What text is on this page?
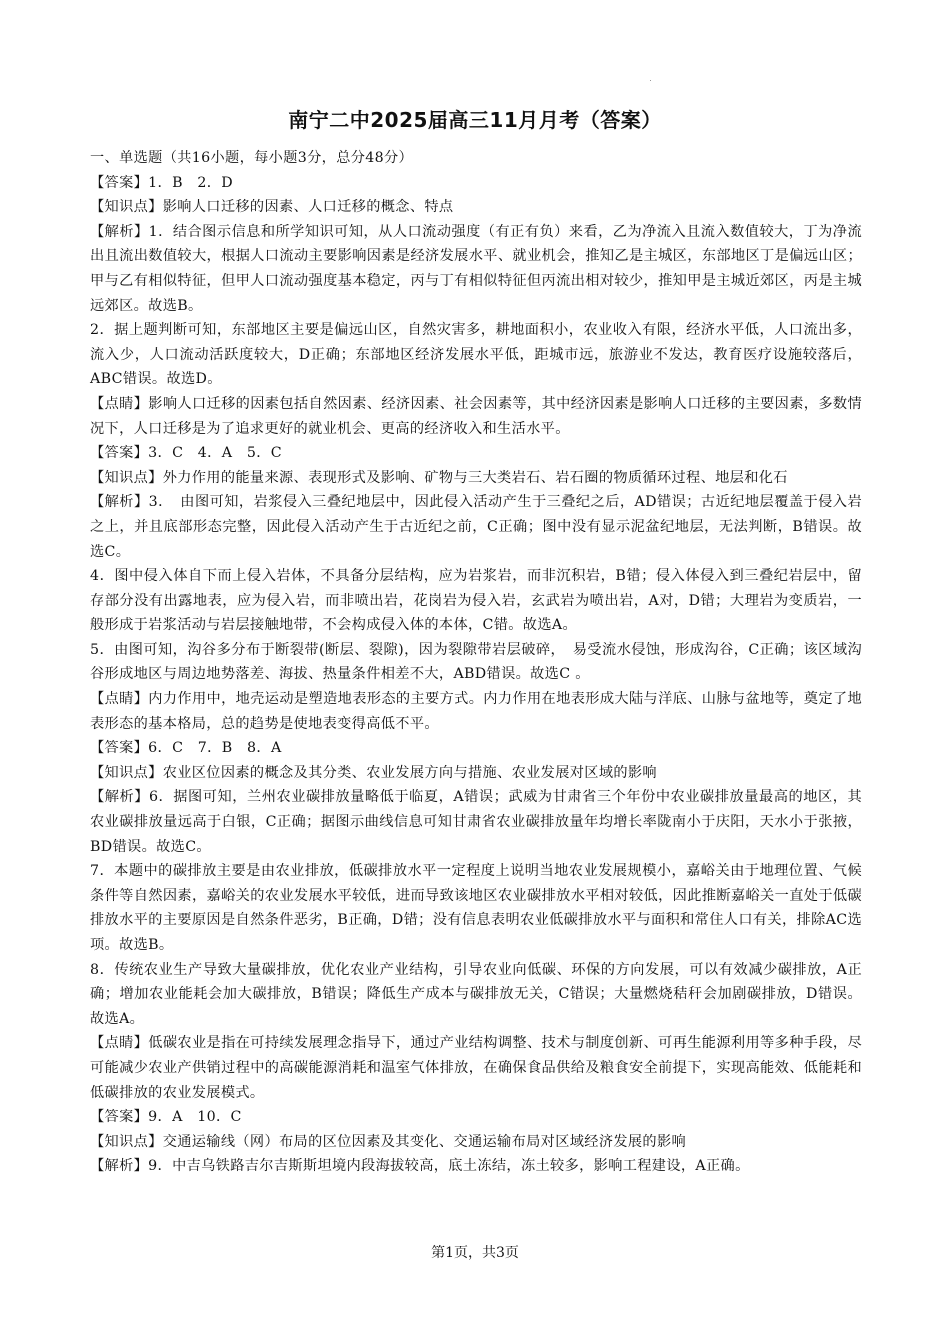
南宁二中2025届高三11月月考（答案）

一、单选题（共16小题，每小题3分，总分48分）

【答案】1．B　2．D

【知识点】影响人口迁移的因素、人口迁移的概念、特点

【解析】1．结合图示信息和所学知识可知，从人口流动强度（有正有负）来看，乙为净流入且流入数值较大，丁为净流出且流出数值较大，根据人口流动主要影响因素是经济发展水平、就业机会，推知乙是主城区，东部地区丁是偏远山区；甲与乙有相似特征，但甲人口流动强度基本稳定，丙与丁有相似特征但丙流出相对较少，推知甲是主城近郊区，丙是主城远郊区。故选B。

2．据上题判断可知，东部地区主要是偏远山区，自然灾害多，耕地面积小，农业收入有限，经济水平低，人口流出多，流入少，人口流动活跃度较大，D正确；东部地区经济发展水平低，距城市远，旅游业不发达，教育医疗设施较落后，ABC错误。故选D。

【点睛】影响人口迁移的因素包括自然因素、经济因素、社会因素等，其中经济因素是影响人口迁移的主要因素，多数情况下，人口迁移是为了追求更好的就业机会、更高的经济收入和生活水平。

【答案】3．C　4．A　5．C

【知识点】外力作用的能量来源、表现形式及影响、矿物与三大类岩石、岩石圈的物质循环过程、地层和化石

【解析】3．　由图可知，岩浆侵入三叠纪地层中，因此侵入活动产生于三叠纪之后，AD错误；古近纪地层覆盖于侵入岩之上，并且底部形态完整，因此侵入活动产生于古近纪之前，C正确；图中没有显示泥盆纪地层，无法判断，B错误。故选C。

4．图中侵入体自下而上侵入岩体，不具备分层结构，应为岩浆岩，而非沉积岩，B错；侵入体侵入到三叠纪岩层中，留存部分没有出露地表，应为侵入岩，而非喷出岩，花岗岩为侵入岩，玄武岩为喷出岩，A对，D错；大理岩为变质岩，一般形成于岩浆活动与岩层接触地带，不会构成侵入体的本体，C错。故选A。

5．由图可知，沟谷多分布于断裂带(断层、裂隙)，因为裂隙带岩层破碎，　易受流水侵蚀，形成沟谷，C正确；该区域沟谷形成地区与周边地势落差、海拔、热量条件相差不大，ABD错误。故选C 。

【点睛】内力作用中，地壳运动是塑造地表形态的主要方式。内力作用在地表形成大陆与洋底、山脉与盆地等，奠定了地表形态的基本格局，总的趋势是使地表变得高低不平。

【答案】6．C　7．B　8．A

【知识点】农业区位因素的概念及其分类、农业发展方向与措施、农业发展对区域的影响

【解析】6．据图可知，兰州农业碳排放量略低于临夏，A错误；武威为甘肃省三个年份中农业碳排放量最高的地区，其农业碳排放量远高于白银，C正确；据图示曲线信息可知甘肃省农业碳排放量年均增长率陇南小于庆阳，天水小于张掖，BD错误。故选C。

7．本题中的碳排放主要是由农业排放，低碳排放水平一定程度上说明当地农业发展规模小，嘉峪关由于地理位置、气候条件等自然因素，嘉峪关的农业发展水平较低，进而导致该地区农业碳排放水平相对较低，因此推断嘉峪关一直处于低碳排放水平的主要原因是自然条件恶劣，B正确，D错；没有信息表明农业低碳排放水平与面积和常住人口有关，排除AC选项。故选B。

8．传统农业生产导致大量碳排放，优化农业产业结构，引导农业向低碳、环保的方向发展，可以有效减少碳排放，A正确；增加农业能耗会加大碳排放，B错误；降低生产成本与碳排放无关，C错误；大量燃烧秸秆会加剧碳排放，D错误。故选A。

【点睛】低碳农业是指在可持续发展理念指导下，通过产业结构调整、技术与制度创新、可再生能源利用等多种手段，尽可能减少农业产供销过程中的高碳能源消耗和温室气体排放，在确保食品供给及粮食安全前提下，实现高能效、低能耗和低碳排放的农业发展模式。

【答案】9．A　10．C

【知识点】交通运输线（网）布局的区位因素及其变化、交通运输布局对区域经济发展的影响

【解析】9．中吉乌铁路吉尔吉斯斯坦境内段海拔较高，底土冻结，冻土较多，影响工程建设，A正确。

第1页，共3页
